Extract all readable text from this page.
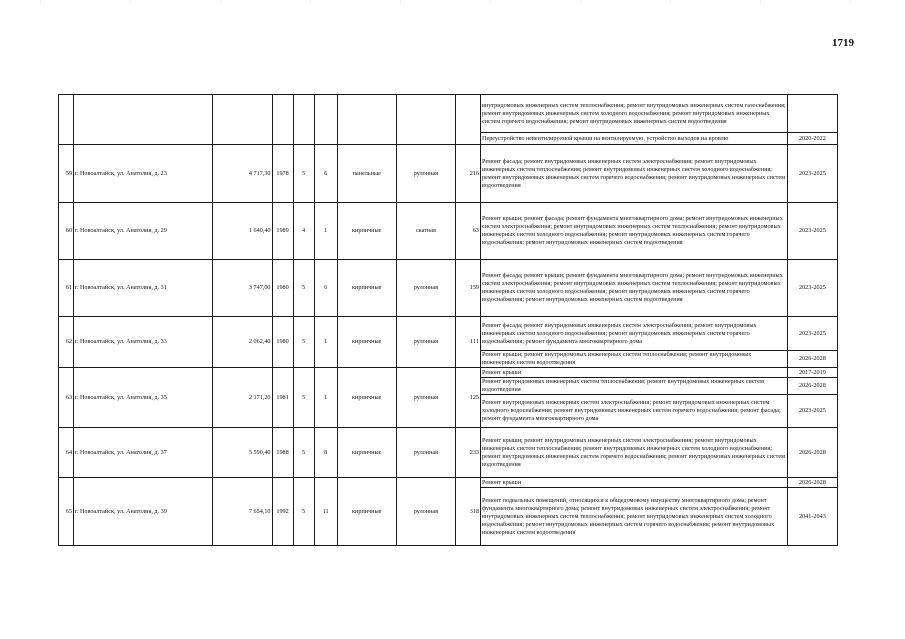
1719
									внутридомовых инженерных систем теплоснабжения; ремонт внутридомовых инженерных систем газоснабжения; ремонт внутридомовых инженерных систем холодного водоснабжения; ремонт внутридомовых инженерных систем горячего водоснабжения; ремонт внутридомовых инженерных систем водоотведения	
									Переустройство невентилируемой крыши на вентилируемую, устройство выходов на кровлю	2020-2022
59	г. Новоалтайск, ул. Анатолия, д. 23	4 717,30	1978	5	6	панельные	рулонная	216	Ремонт фасада; ремонт внутридомовых инженерных систем электроснабжения; ремонт внутридомовых инженерных систем теплоснабжения; ремонт внутридомовых инженерных систем холодного водоснабжения; ремонт внутридомовых инженерных систем горячего водоснабжения; ремонт внутридомовых инженерных систем водоотведения	2023-2025
60	г. Новоалтайск, ул. Анатолия, д. 29	1 640,40	1989	4	1	кирпичные	скатная	63	Ремонт крыши; ремонт фасада; ремонт фундамента многоквартирного дома; ремонт внутридомовых инженерных систем электроснабжения; ремонт внутридомовых инженерных систем теплоснабжения; ремонт внутридомовых инженерных систем холодного водоснабжения; ремонт внутридомовых инженерных систем горячего водоснабжения; ремонт внутридомовых инженерных систем водоотведения	2023-2025
61	г. Новоалтайск, ул. Анатолия, д. 31	3 747,00	1980	5	6	кирпичные	рулонная	159	Ремонт фасада; ремонт крыши; ремонт фундамента многоквартирного дома; ремонт внутридомовых инженерных систем электроснабжения; ремонт внутридомовых инженерных систем теплоснабжения; ремонт внутридомовых инженерных систем холодного водоснабжения; ремонт внутридомовых инженерных систем горячего водоснабжения; ремонт внутридомовых инженерных систем водоотведения	2023-2025
62	г. Новоалтайск, ул. Анатолия, д. 33	2 062,40	1980	5	1	кирпичные	рулонная	111	Ремонт фасада; ремонт внутридомовых инженерных систем электроснабжения; ремонт внутридомовых инженерных систем холодного водоснабжения; ремонт внутридомовых инженерных систем горячего водоснабжения; ремонт фундамента многоквартирного дома	2023-2025
									Ремонт крыши; ремонт внутридомовых инженерных систем теплоснабжения; ремонт внутридомовых инженерных систем водоотведения	2026-2028
63	г. Новоалтайск, ул. Анатолия, д. 35	2 171,20	1981	5	1	кирпичные	рулонная	125	Ремонт крыши	2017-2019
									Ремонт внутридомовых инженерных систем теплоснабжения; ремонт внутридомовых инженерных систем водоотведения	2026-2028
									Ремонт внутридомовых инженерных систем электроснабжения; ремонт внутридомовых инженерных систем холодного водоснабжения; ремонт внутридомовых инженерных систем горячего водоснабжения; ремонт фасада; ремонт фундамента многоквартирного дома	2023-2025
64	г. Новоалтайск, ул. Анатолия, д. 37	5 590,40	1988	5	8	кирпичные	рулонная	233	Ремонт крыши; ремонт внутридомовых инженерных систем электроснабжения; ремонт внутридомовых инженерных систем теплоснабжения; ремонт внутридомовых инженерных систем холодного водоснабжения; ремонт внутридомовых инженерных систем горячего водоснабжения; ремонт внутридомовых инженерных систем водоотведения	2026-2028
65	г. Новоалтайск, ул. Анатолия, д. 39	7 654,10	1992	5	11	кирпичные	рулонная	318	Ремонт крыши	2026-2028
									Ремонт подвальных помещений, относящихся к общедомовому имуществу многоквартирного дома; ремонт фундамента многоквартирного дома; ремонт внутридомовых инженерных систем электроснабжения; ремонт внутридомовых инженерных систем теплоснабжения; ремонт внутридомовых инженерных систем холодного водоснабжения; ремонт внутридомовых инженерных систем горячего водоснабжения; ремонт внутридомовых инженерных систем водоотведения	2041-2043
